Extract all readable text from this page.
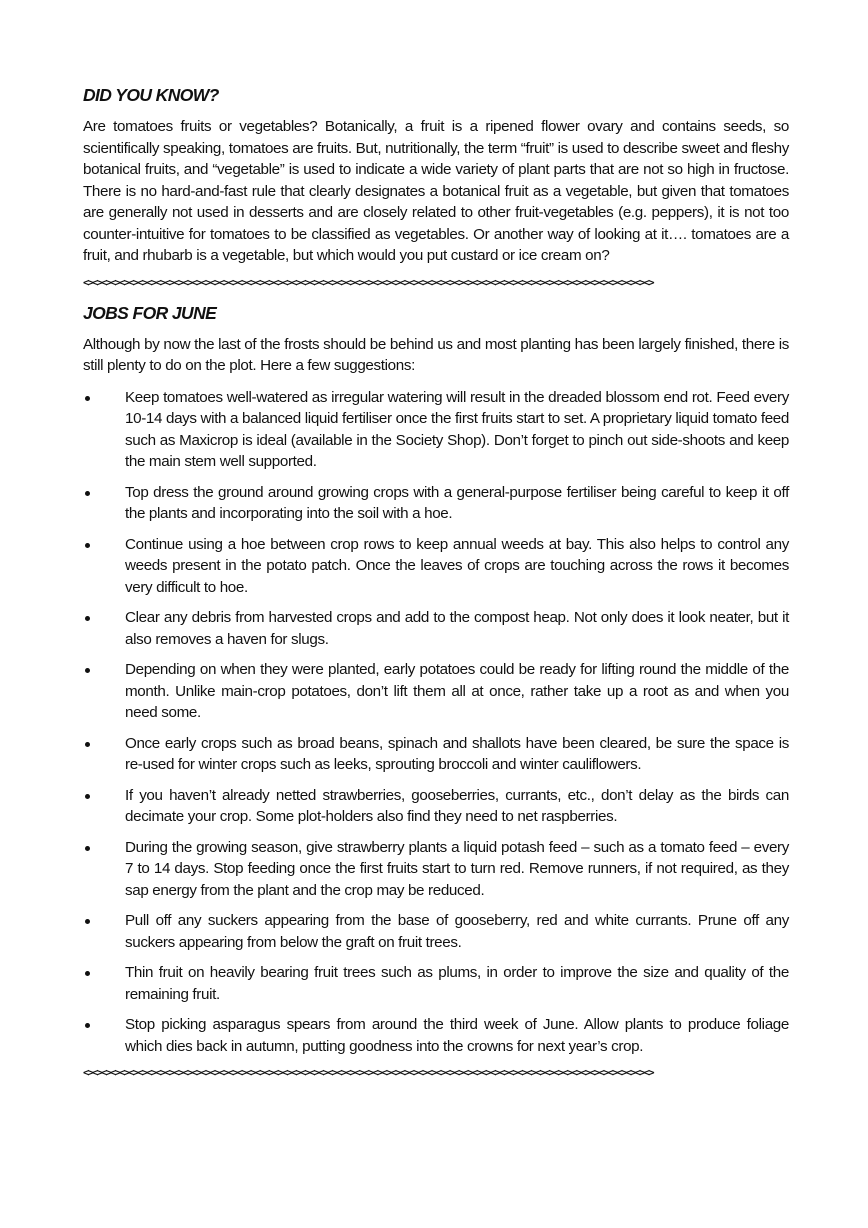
DID YOU KNOW?

Are tomatoes fruits or vegetables? Botanically, a fruit is a ripened flower ovary and contains seeds, so scientifically speaking, tomatoes are fruits. But, nutritionally, the term “fruit” is used to describe sweet and fleshy botanical fruits, and “vegetable” is used to indicate a wide variety of plant parts that are not so high in fructose. There is no hard-and-fast rule that clearly designates a botanical fruit as a vegetable, but given that tomatoes are generally not used in desserts and are closely related to other fruit-vegetables (e.g. peppers), it is not too counter-intuitive for tomatoes to be classified as vegetables. Or another way of looking at it…. tomatoes are a fruit, and rhubarb is a vegetable, but which would you put custard or ice cream on?

<><><><><><><><><><><><><><><><><><><><><><><><><><><><><><><><><><><><><><><><><><><><><><><><><><><><><><><><><><><><><><><>
JOBS FOR JUNE

Although by now the last of the frosts should be behind us and most planting has been largely finished, there is still plenty to do on the plot. Here a few suggestions:

Keep tomatoes well-watered as irregular watering will result in the dreaded blossom end rot. Feed every 10-14 days with a balanced liquid fertiliser once the first fruits start to set. A proprietary liquid tomato feed such as Maxicrop is ideal (available in the Society Shop). Don’t forget to pinch out side-shoots and keep the main stem well supported.
Top dress the ground around growing crops with a general-purpose fertiliser being careful to keep it off the plants and incorporating into the soil with a hoe.
Continue using a hoe between crop rows to keep annual weeds at bay. This also helps to control any weeds present in the potato patch. Once the leaves of crops are touching across the rows it becomes very difficult to hoe.
Clear any debris from harvested crops and add to the compost heap. Not only does it look neater, but it also removes a haven for slugs.
Depending on when they were planted, early potatoes could be ready for lifting round the middle of the month. Unlike main-crop potatoes, don’t lift them all at once, rather take up a root as and when you need some.
Once early crops such as broad beans, spinach and shallots have been cleared, be sure the space is re-used for winter crops such as leeks, sprouting broccoli and winter cauliflowers.
If you haven’t already netted strawberries, gooseberries, currants, etc., don’t delay as the birds can decimate your crop. Some plot-holders also find they need to net raspberries.
During the growing season, give strawberry plants a liquid potash feed – such as a tomato feed – every 7 to 14 days. Stop feeding once the first fruits start to turn red. Remove runners, if not required, as they sap energy from the plant and the crop may be reduced.
Pull off any suckers appearing from the base of gooseberry, red and white currants. Prune off any suckers appearing from below the graft on fruit trees.
Thin fruit on heavily bearing fruit trees such as plums, in order to improve the size and quality of the remaining fruit.
Stop picking asparagus spears from around the third week of June. Allow plants to produce foliage which dies back in autumn, putting goodness into the crowns for next year’s crop.
<><><><><><><><><><><><><><><><><><><><><><><><><><><><><><><><><><><><><><><><><><><><><><><><><><><><><><><><><><><><><><><>
